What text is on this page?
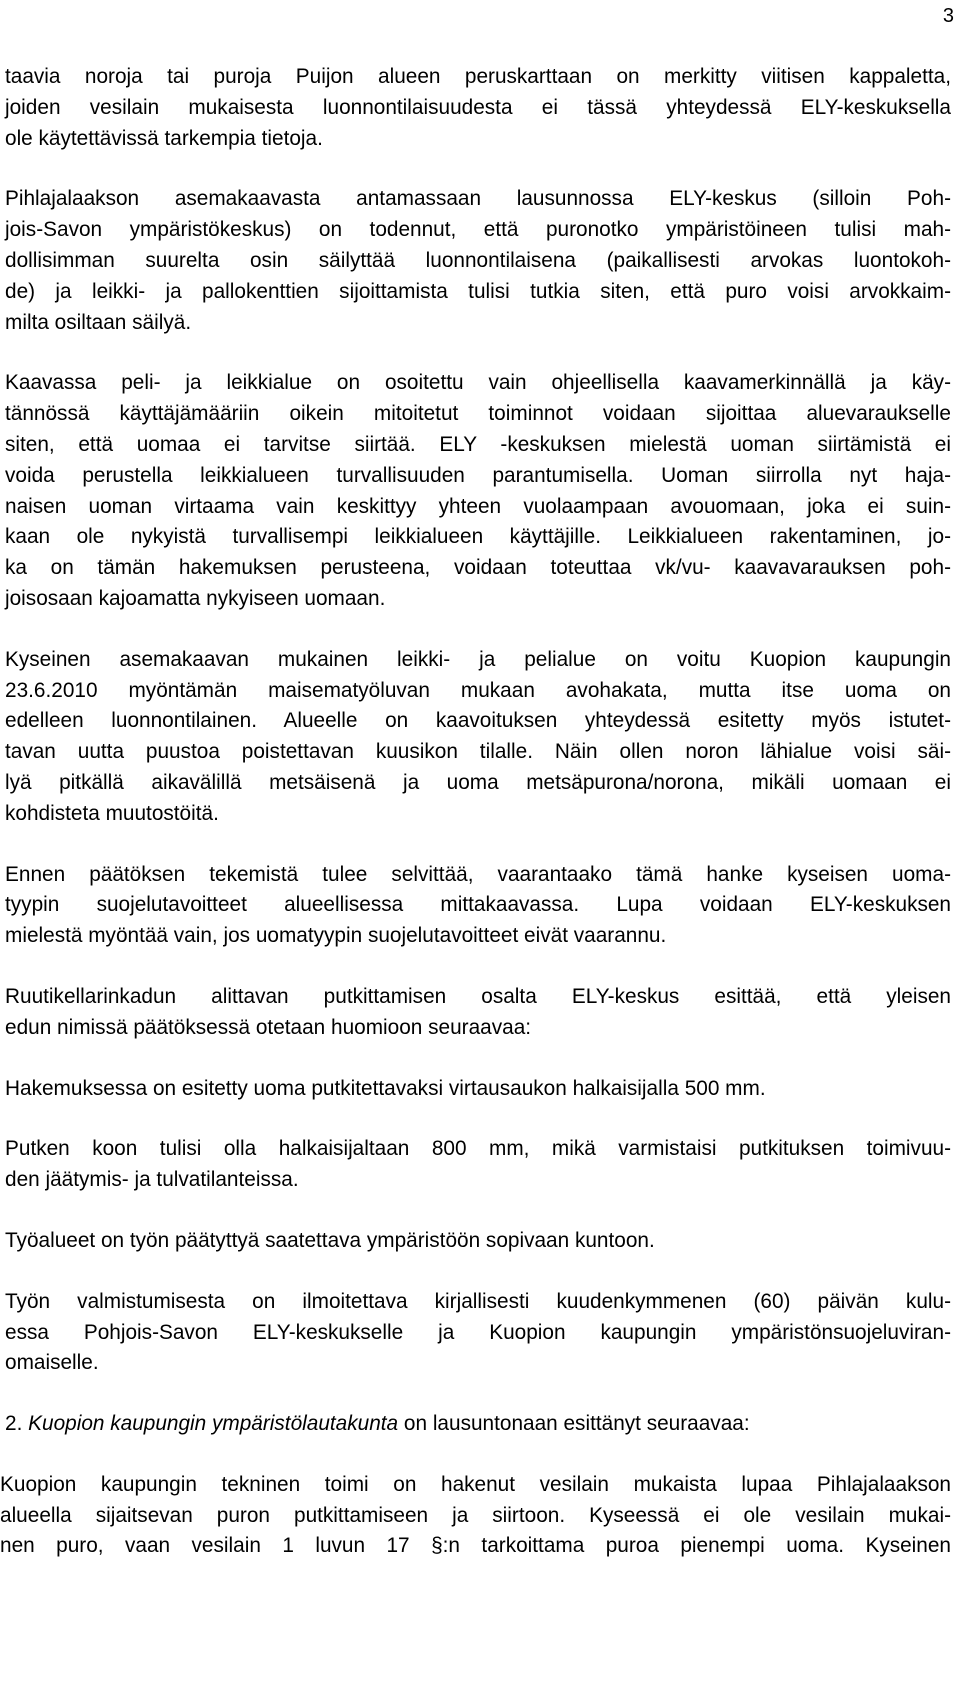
3

taavia noroja tai puroja Puijon alueen peruskarttaan on merkitty viitisen kappaletta,
joiden vesilain mukaisesta luonnontilaisuudesta ei tässä yhteydessä ELY-keskuksella
ole käytettävissä tarkempia tietoja.

Pihlajalaakson asemakaavasta antamassaan lausunnossa ELY-keskus (silloin Poh-
jois-Savon ympäristökeskus) on todennut, että puronotko ympäristöineen tulisi mah-
dollisimman suurelta osin säilyttää luonnontilaisena (paikallisesti arvokas luontokoh-
de) ja leikki- ja pallokenttien sijoittamista tulisi tutkia siten, että puro voisi arvokkaim-
milta osiltaan säilyä.

Kaavassa peli- ja leikkialue on osoitettu vain ohjeellisella kaavamerkinnällä ja käy-
tännössä käyttäjämääriin oikein mitoitetut toiminnot voidaan sijoittaa aluevaraukselle
siten, että uomaa ei tarvitse siirtää. ELY -keskuksen mielestä uoman siirtämistä ei
voida perustella leikkialueen turvallisuuden parantumisella. Uoman siirrolla nyt haja-
naisen uoman virtaama vain keskittyy yhteen vuolaampaan avouomaan, joka ei suin-
kaan ole nykyistä turvallisempi leikkialueen käyttäjille. Leikkialueen rakentaminen, jo-
ka on tämän hakemuksen perusteena, voidaan toteuttaa vk/vu- kaavavarauksen poh-
joisosaan kajoamatta nykyiseen uomaan.

Kyseinen asemakaavan mukainen leikki- ja pelialue on voitu Kuopion kaupungin
23.6.2010 myöntämän maisematyöluvan mukaan avohakata, mutta itse uoma on
edelleen luonnontilainen. Alueelle on kaavoituksen yhteydessä esitetty myös istutet-
tavan uutta puustoa poistettavan kuusikon tilalle. Näin ollen noron lähialue voisi säi-
lyä pitkällä aikavälillä metsäisenä ja uoma metsäpurona/norona, mikäli uomaan ei
kohdisteta muutostöitä.

Ennen päätöksen tekemistä tulee selvittää, vaarantaako tämä hanke kyseisen uoma-
tyypin suojelutavoitteet alueellisessa mittakaavassa. Lupa voidaan ELY-keskuksen
mielestä myöntää vain, jos uomatyypin suojelutavoitteet eivät vaarannu.

Ruutikellarinkadun alittavan putkittamisen osalta ELY-keskus esittää, että yleisen
edun nimissä päätöksessä otetaan huomioon seuraavaa:

Hakemuksessa on esitetty uoma putkitettavaksi virtausaukon halkaisijalla 500 mm.

Putken koon tulisi olla halkaisijaltaan 800 mm, mikä varmistaisi putkituksen toimivuu-
den jäätymis- ja tulvatilanteissa.

Työalueet on työn päätyttyä saatettava ympäristöön sopivaan kuntoon.

Työn valmistumisesta on ilmoitettava kirjallisesti kuudenkymmenen (60) päivän kulu-
essa Pohjois-Savon ELY-keskukselle ja Kuopion kaupungin ympäristönsuojeluviran-
omaiselle.

2. Kuopion kaupungin ympäristölautakunta on lausuntonaan esittänyt seuraavaa:

Kuopion kaupungin tekninen toimi on hakenut vesilain mukaista lupaa Pihlajalaakson
alueella sijaitsevan puron putkittamiseen ja siirtoon. Kyseessä ei ole vesilain mukai-
nen puro, vaan vesilain 1 luvun 17 §:n tarkoittama puroa pienempi uoma. Kyseinen
